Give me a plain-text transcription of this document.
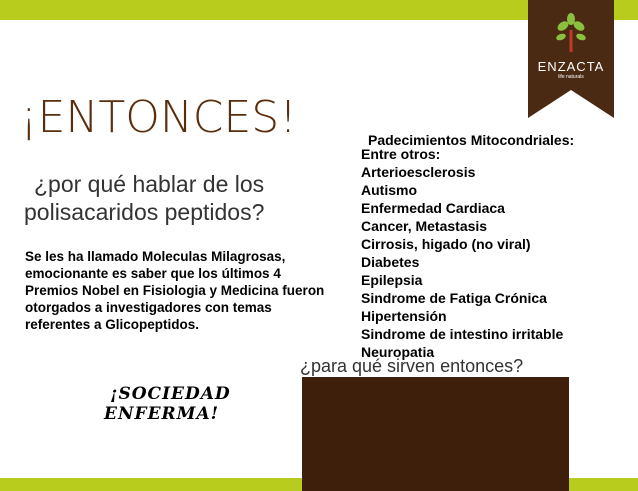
ENZACTA
life naturals
¡ENTONCES!
¿por qué hablar de los
polisacaridos peptidos?
Se les ha llamado Moleculas Milagrosas, emocionante es saber que los últimos 4 Premios Nobel en Fisiologia y Medicina fueron otorgados a investigadores con temas referentes a Glicopeptidos.
Padecimientos Mitocondriales:
Entre otros:
Arterioesclerosis
Autismo
Enfermedad Cardiaca
Cancer, Metastasis
Cirrosis, higado (no viral)
Diabetes
Epilepsia
Sindrome de Fatiga Crónica
Hipertensión
Sindrome de intestino irritable
Neuropatia
¿para qué sirven entonces?
¡SOCIEDAD
ENFERMA!
